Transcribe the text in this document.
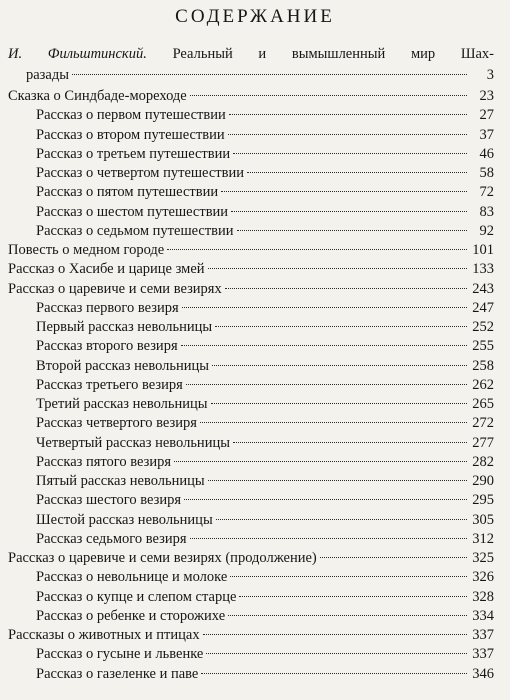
СОДЕРЖАНИЕ
И. Фильштинский. Реальный и вымышленный мир Шах-
разады	3
Сказка о Синдбаде-мореходе	23
Рассказ о первом путешествии	27
Рассказ о втором путешествии	37
Рассказ о третьем путешествии	46
Рассказ о четвертом путешествии	58
Рассказ о пятом путешествии	72
Рассказ о шестом путешествии	83
Рассказ о седьмом путешествии	92
Повесть о медном городе	101
Рассказ о Хасибе и царице змей	133
Рассказ о царевиче и семи везирях	243
Рассказ первого везиря	247
Первый рассказ невольницы	252
Рассказ второго везиря	255
Второй рассказ невольницы	258
Рассказ третьего везиря	262
Третий рассказ невольницы	265
Рассказ четвертого везиря	272
Четвертый рассказ невольницы	277
Рассказ пятого везиря	282
Пятый рассказ невольницы	290
Рассказ шестого везиря	295
Шестой рассказ невольницы	305
Рассказ седьмого везиря	312
Рассказ о царевиче и семи везирях (продолжение)	325
Рассказ о невольнице и молоке	326
Рассказ о купце и слепом старце	328
Рассказ о ребенке и сторожихе	334
Рассказы о животных и птицах	337
Рассказ о гусыне и львенке	337
Рассказ о газеленке и паве	346
